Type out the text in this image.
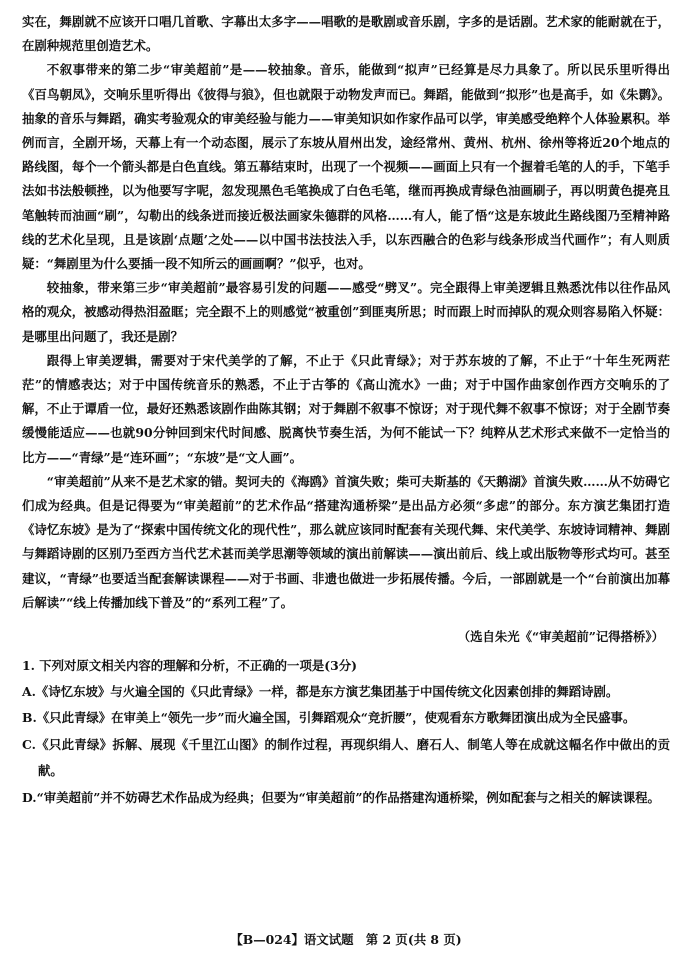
实在，舞剧就不应该开口唱几首歌、字幕出太多字——唱歌的是歌剧或音乐剧，字多的是话剧。艺术家的能耐就在于，在剧种规范里创造艺术。

不叙事带来的第二步“审美超前”是——较抽象。音乐，能做到“拟声”已经算是尽力具象了。所以民乐里听得出《百鸟朝凤》，交响乐里听得出《彼得与狼》，但也就限于动物发声而已。舞蹈，能做到“拟形”也是高手，如《朱鹮》。抽象的音乐与舞蹈，确实考验观众的审美经验与能力——审美知识如作家作品可以学，审美感受绝粹个人体验累积。举例而言，全剧开场，天幕上有一个动态图，展示了东坡从眉州出发，途经常州、黄州、杭州、徐州等将近20个地点的路线图，每个一个箭头都是白色直线。第五幕结束时，出现了一个视频——画面上只有一个握着毛笔的人的手，下笔手法如书法般顿挫，以为他要写字呢，忽发现黑色毛笔换成了白色毛笔，继而再换成青绿色油画刷子，再以明黄色提亮且笔触转而油画“刷”，勾勒出的线条迸而接近极法画家朱德群的风格……有人，能了悟“这是东坡此生路线图乃至精神路线的艺术化呈现，且是该剧‘点题’之处——以中国书法技法入手，以东西融合的色彩与线条形成当代画作”；有人则质疑：“舞剧里为什么要插一段不知所云的画画啊？”似乎，也对。

较抽象，带来第三步“审美超前”最容易引发的问题——感受“劈叉”。完全跟得上审美逻辑且熟悉沈伟以往作品风格的观众，被感动得热泪盈眶；完全跟不上的则感觉“被重创”到匪夷所思；时而跟上时而掉队的观众则容易陷入怀疑：是哪里出问题了，我还是剧？

跟得上审美逻辑，需要对于宋代美学的了解，不止于《只此青绿》；对于苏东坡的了解，不止于“十年生死两茫茫”的情感表达；对于中国传统音乐的熟悉，不止于古筝的《高山流水》一曲；对于中国作曲家创作西方交响乐的了解，不止于谭盾一位，最好还熟悉该剧作曲陈其钢；对于舞剧不叙事不惊讶；对于现代舞不叙事不惊讶；对于全剧节奏缓慢能适应——也就90分钟回到宋代时间感、脱离快节奏生活，为何不能试一下？纯粹从艺术形式来做不一定恰当的比方——“青绿”是“连环画”；“东坡”是“文人画”。

“审美超前”从来不是艺术家的错。契诃夫的《海鸥》首演失败；柴可夫斯基的《天鹅湖》首演失败……从不妨碍它们成为经典。但是记得要为“审美超前”的艺术作品“搭建沟通桥梁”是出品方必须“多虑”的部分。东方演艺集团打造《诗忆东坡》是为了“探索中国传统文化的现代性”，那么就应该同时配套有关现代舞、宋代美学、东坡诗词精神、舞剧与舞蹈诗剧的区别乃至西方当代艺术甚而美学思潮等领域的演出前解读——演出前后、线上或出版物等形式均可。甚至建议，“青绿”也要适当配套解读课程——对于书画、非遗也做进一步拓展传播。今后，一部剧就是一个“台前演出加幕后解读”“线上传播加线下普及”的“系列工程”了。

（选自朱光《“审美超前”记得搭桥》）

1. 下列对原文相关内容的理解和分析，不正确的一项是(3分)

A.《诗忆东坡》与火遍全国的《只此青绿》一样，都是东方演艺集团基于中国传统文化因素创排的舞蹈诗剧。

B.《只此青绿》在审美上“领先一步”而火遍全国，引舞蹈观众“竞折腰”，使观看东方歌舞团演出成为全民盛事。

C.《只此青绿》拆解、展现《千里江山图》的制作过程，再现织绢人、磨石人、制笔人等在成就这幅名作中做出的贡献。

D.“审美超前”并不妨碍艺术作品成为经典；但要为“审美超前”的作品搭建沟通桥梁，例如配套与之相关的解读课程。

【B—024】语文试题 第 2 页(共 8 页)
